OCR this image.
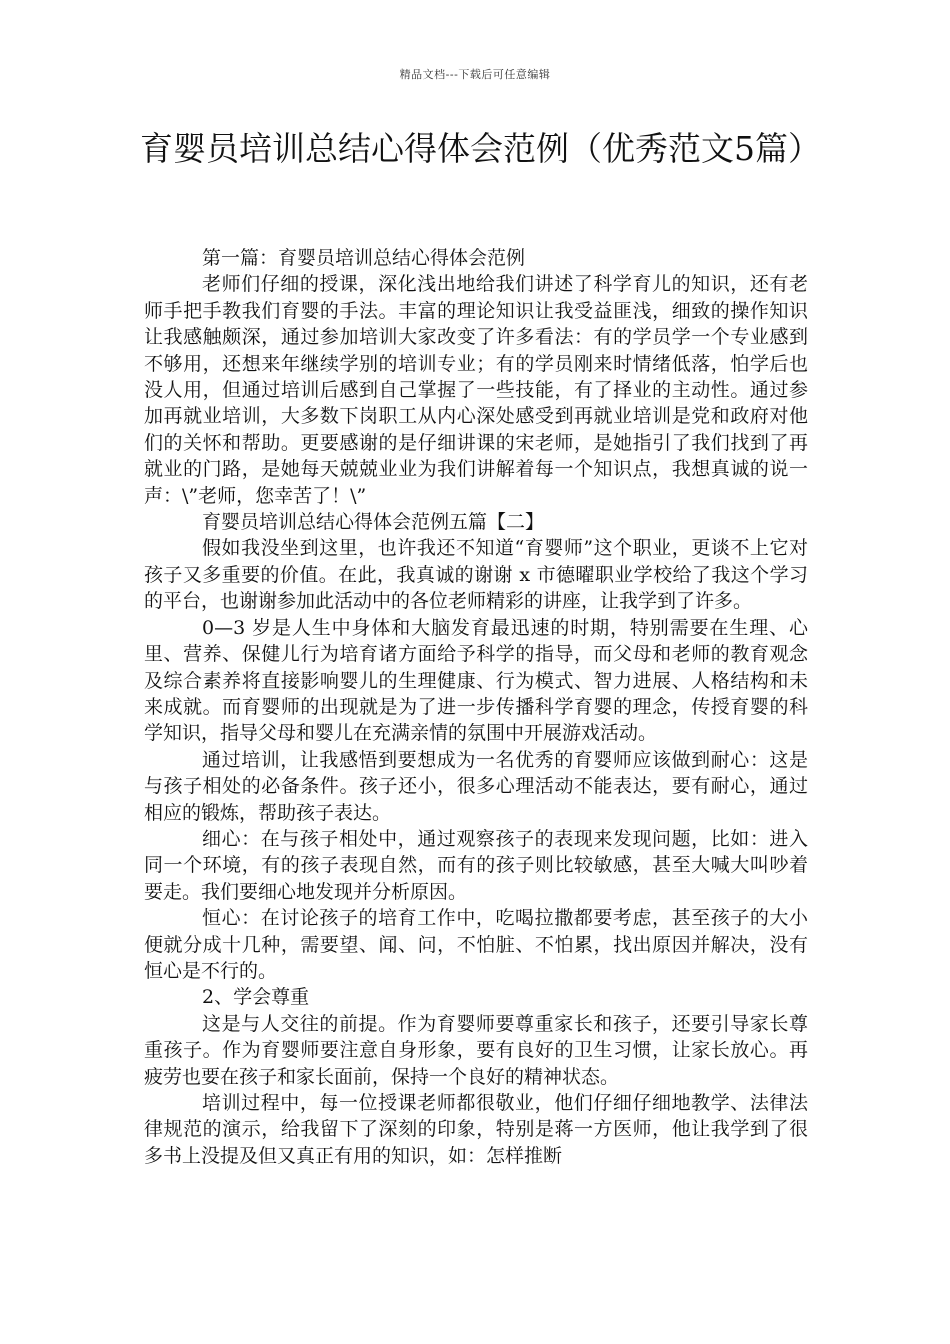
精品文档---下载后可任意编辑
育婴员培训总结心得体会范例（优秀范文5篇）

第一篇：育婴员培训总结心得体会范例

老师们仔细的授课，深化浅出地给我们讲述了科学育儿的知识，还有老师手把手教我们育婴的手法。丰富的理论知识让我受益匪浅，细致的操作知识让我感触颇深，通过参加培训大家改变了许多看法：有的学员学一个专业感到不够用，还想来年继续学别的培训专业；有的学员刚来时情绪低落，怕学后也没人用，但通过培训后感到自己掌握了一些技能，有了择业的主动性。通过参加再就业培训，大多数下岗职工从内心深处感受到再就业培训是党和政府对他们的关怀和帮助。更要感谢的是仔细讲课的宋老师，是她指引了我们找到了再就业的门路，是她每天兢兢业业为我们讲解着每一个知识点，我想真诚的说一声：\”老师，您幸苦了！\”

育婴员培训总结心得体会范例五篇【二】

假如我没坐到这里，也许我还不知道“育婴师”这个职业，更谈不上它对孩子又多重要的价值。在此，我真诚的谢谢 x 市德曜职业学校给了我这个学习的平台，也谢谢参加此活动中的各位老师精彩的讲座，让我学到了许多。

0—3 岁是人生中身体和大脑发育最迅速的时期，特别需要在生理、心里、营养、保健儿行为培育诸方面给予科学的指导，而父母和老师的教育观念及综合素养将直接影响婴儿的生理健康、行为模式、智力进展、人格结构和未来成就。而育婴师的出现就是为了进一步传播科学育婴的理念，传授育婴的科学知识，指导父母和婴儿在充满亲情的氛围中开展游戏活动。

通过培训，让我感悟到要想成为一名优秀的育婴师应该做到耐心：这是与孩子相处的必备条件。孩子还小，很多心理活动不能表达，要有耐心，通过相应的锻炼，帮助孩子表达。

细心：在与孩子相处中，通过观察孩子的表现来发现问题，比如：进入同一个环境，有的孩子表现自然，而有的孩子则比较敏感，甚至大喊大叫吵着要走。我们要细心地发现并分析原因。

恒心：在讨论孩子的培育工作中，吃喝拉撒都要考虑，甚至孩子的大小便就分成十几种，需要望、闻、问，不怕脏、不怕累，找出原因并解决，没有恒心是不行的。

2、学会尊重

这是与人交往的前提。作为育婴师要尊重家长和孩子，还要引导家长尊重孩子。作为育婴师要注意自身形象，要有良好的卫生习惯，让家长放心。再疲劳也要在孩子和家长面前，保持一个良好的精神状态。

培训过程中，每一位授课老师都很敬业，他们仔细仔细地教学、法律法律规范的演示，给我留下了深刻的印象，特别是蒋一方医师，他让我学到了很多书上没提及但又真正有用的知识，如：怎样推断
